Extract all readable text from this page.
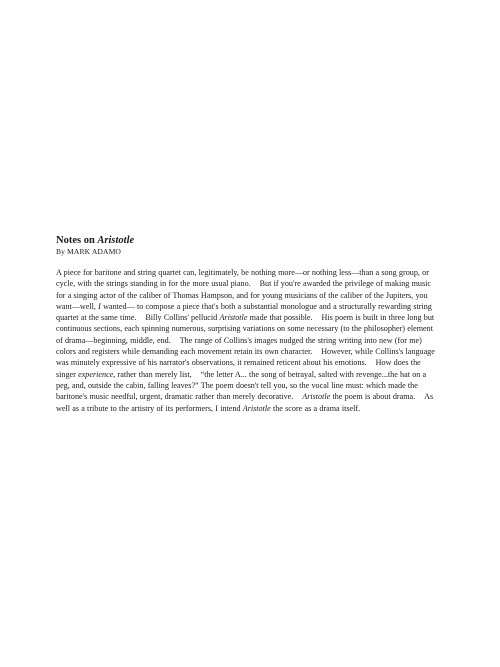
Notes on Aristotle

By MARK ADAMO

A piece for baritone and string quartet can, legitimately, be nothing more—or nothing less—than a song group, or cycle, with the strings standing in for the more usual piano.    But if you're awarded the privilege of making music for a singing actor of the caliber of Thomas Hampson, and for young musicians of the caliber of the Jupiters, you want—well, I wanted— to compose a piece that's both a substantial monologue and a structurally rewarding string quartet at the same time.    Billy Collins' pellucid Aristotle made that possible.    His poem is built in three long but continuous sections, each spinning numerous, surprising variations on some necessary (to the philosopher) element of drama—beginning, middle, end.    The range of Collins's images nudged the string writing into new (for me) colors and registers while demanding each movement retain its own character.    However, while Collins's language was minutely expressive of his narrator's observations, it remained reticent about his emotions.    How does the singer experience, rather than merely list,    “the letter A... the song of betrayal, salted with revenge...the hat on a peg, and, outside the cabin, falling leaves?” The poem doesn't tell you, so the vocal line must: which made the baritone's music needful, urgent, dramatic rather than merely decorative.    Aristotle the poem is about drama.    As well as a tribute to the artistry of its performers, I intend Aristotle the score as a drama itself.
